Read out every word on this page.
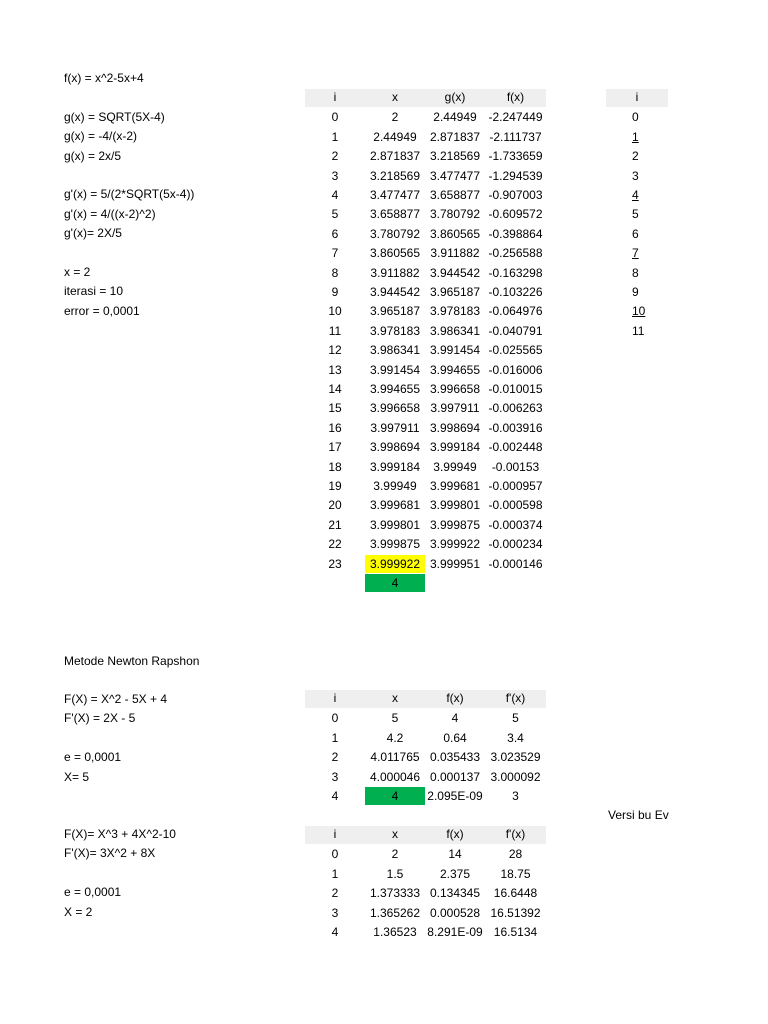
f(x) = x^2-5x+4
g(x) = SQRT(5X-4)
g(x) = -4/(x-2)
g(x) = 2x/5
g'(x) = 5/(2*SQRT(5x-4))
g'(x) = 4/((x-2)^2)
g'(x)= 2X/5
x = 2
iterasi = 10
error = 0,0001
i	x	g(x)	f(x)
0	2	2.44949 -2.247449
1	2.44949	2.871837 -2.111737
2	2.871837 3.218569 -1.733659
3	3.218569 3.477477 -1.294539
4	3.477477 3.658877 -0.907003
5	3.658877 3.780792 -0.609572
6	3.780792 3.860565 -0.398864
7	3.860565 3.911882 -0.256588
8	3.911882 3.944542 -0.163298
9	3.944542 3.965187 -0.103226
10	3.965187 3.978183 -0.064976
11	3.978183 3.986341 -0.040791
12	3.986341 3.991454 -0.025565
13	3.991454 3.994655 -0.016006
14	3.994655 3.996658 -0.010015
15	3.996658 3.997911 -0.006263
16	3.997911 3.998694 -0.003916
17	3.998694 3.999184 -0.002448
18	3.999184	3.99949	-0.00153
19	3.99949	3.999681 -0.000957
20	3.999681 3.999801 -0.000598
21	3.999801 3.999875 -0.000374
22	3.999875 3.999922 -0.000234
23	3.999922 3.999951 -0.000146
4
i
0
1
2
3
4
5
6
7
8
9
10
11
Metode Newton Rapshon
F(X) = X^2 - 5X + 4
F'(X) = 2X - 5
e = 0,0001
X= 5
i	x	f(x)	f'(x)
0	5	4	5
1	4.2	0.64	3.4
2	4.011765 0.035433 3.023529
3	4.000046 0.000137 3.000092
4	4	2.095E-09	3
Versi bu Ev
F(X)= X^3 + 4X^2-10
F'(X)= 3X^2 + 8X
e = 0,0001
X = 2
i	x	f(x)	f'(x)
0	2	14	28
1	1.5	2.375	18.75
2	1.373333 0.134345	16.6448
3	1.365262 0.000528 16.51392
4	1.36523 8.291E-09 16.5134
